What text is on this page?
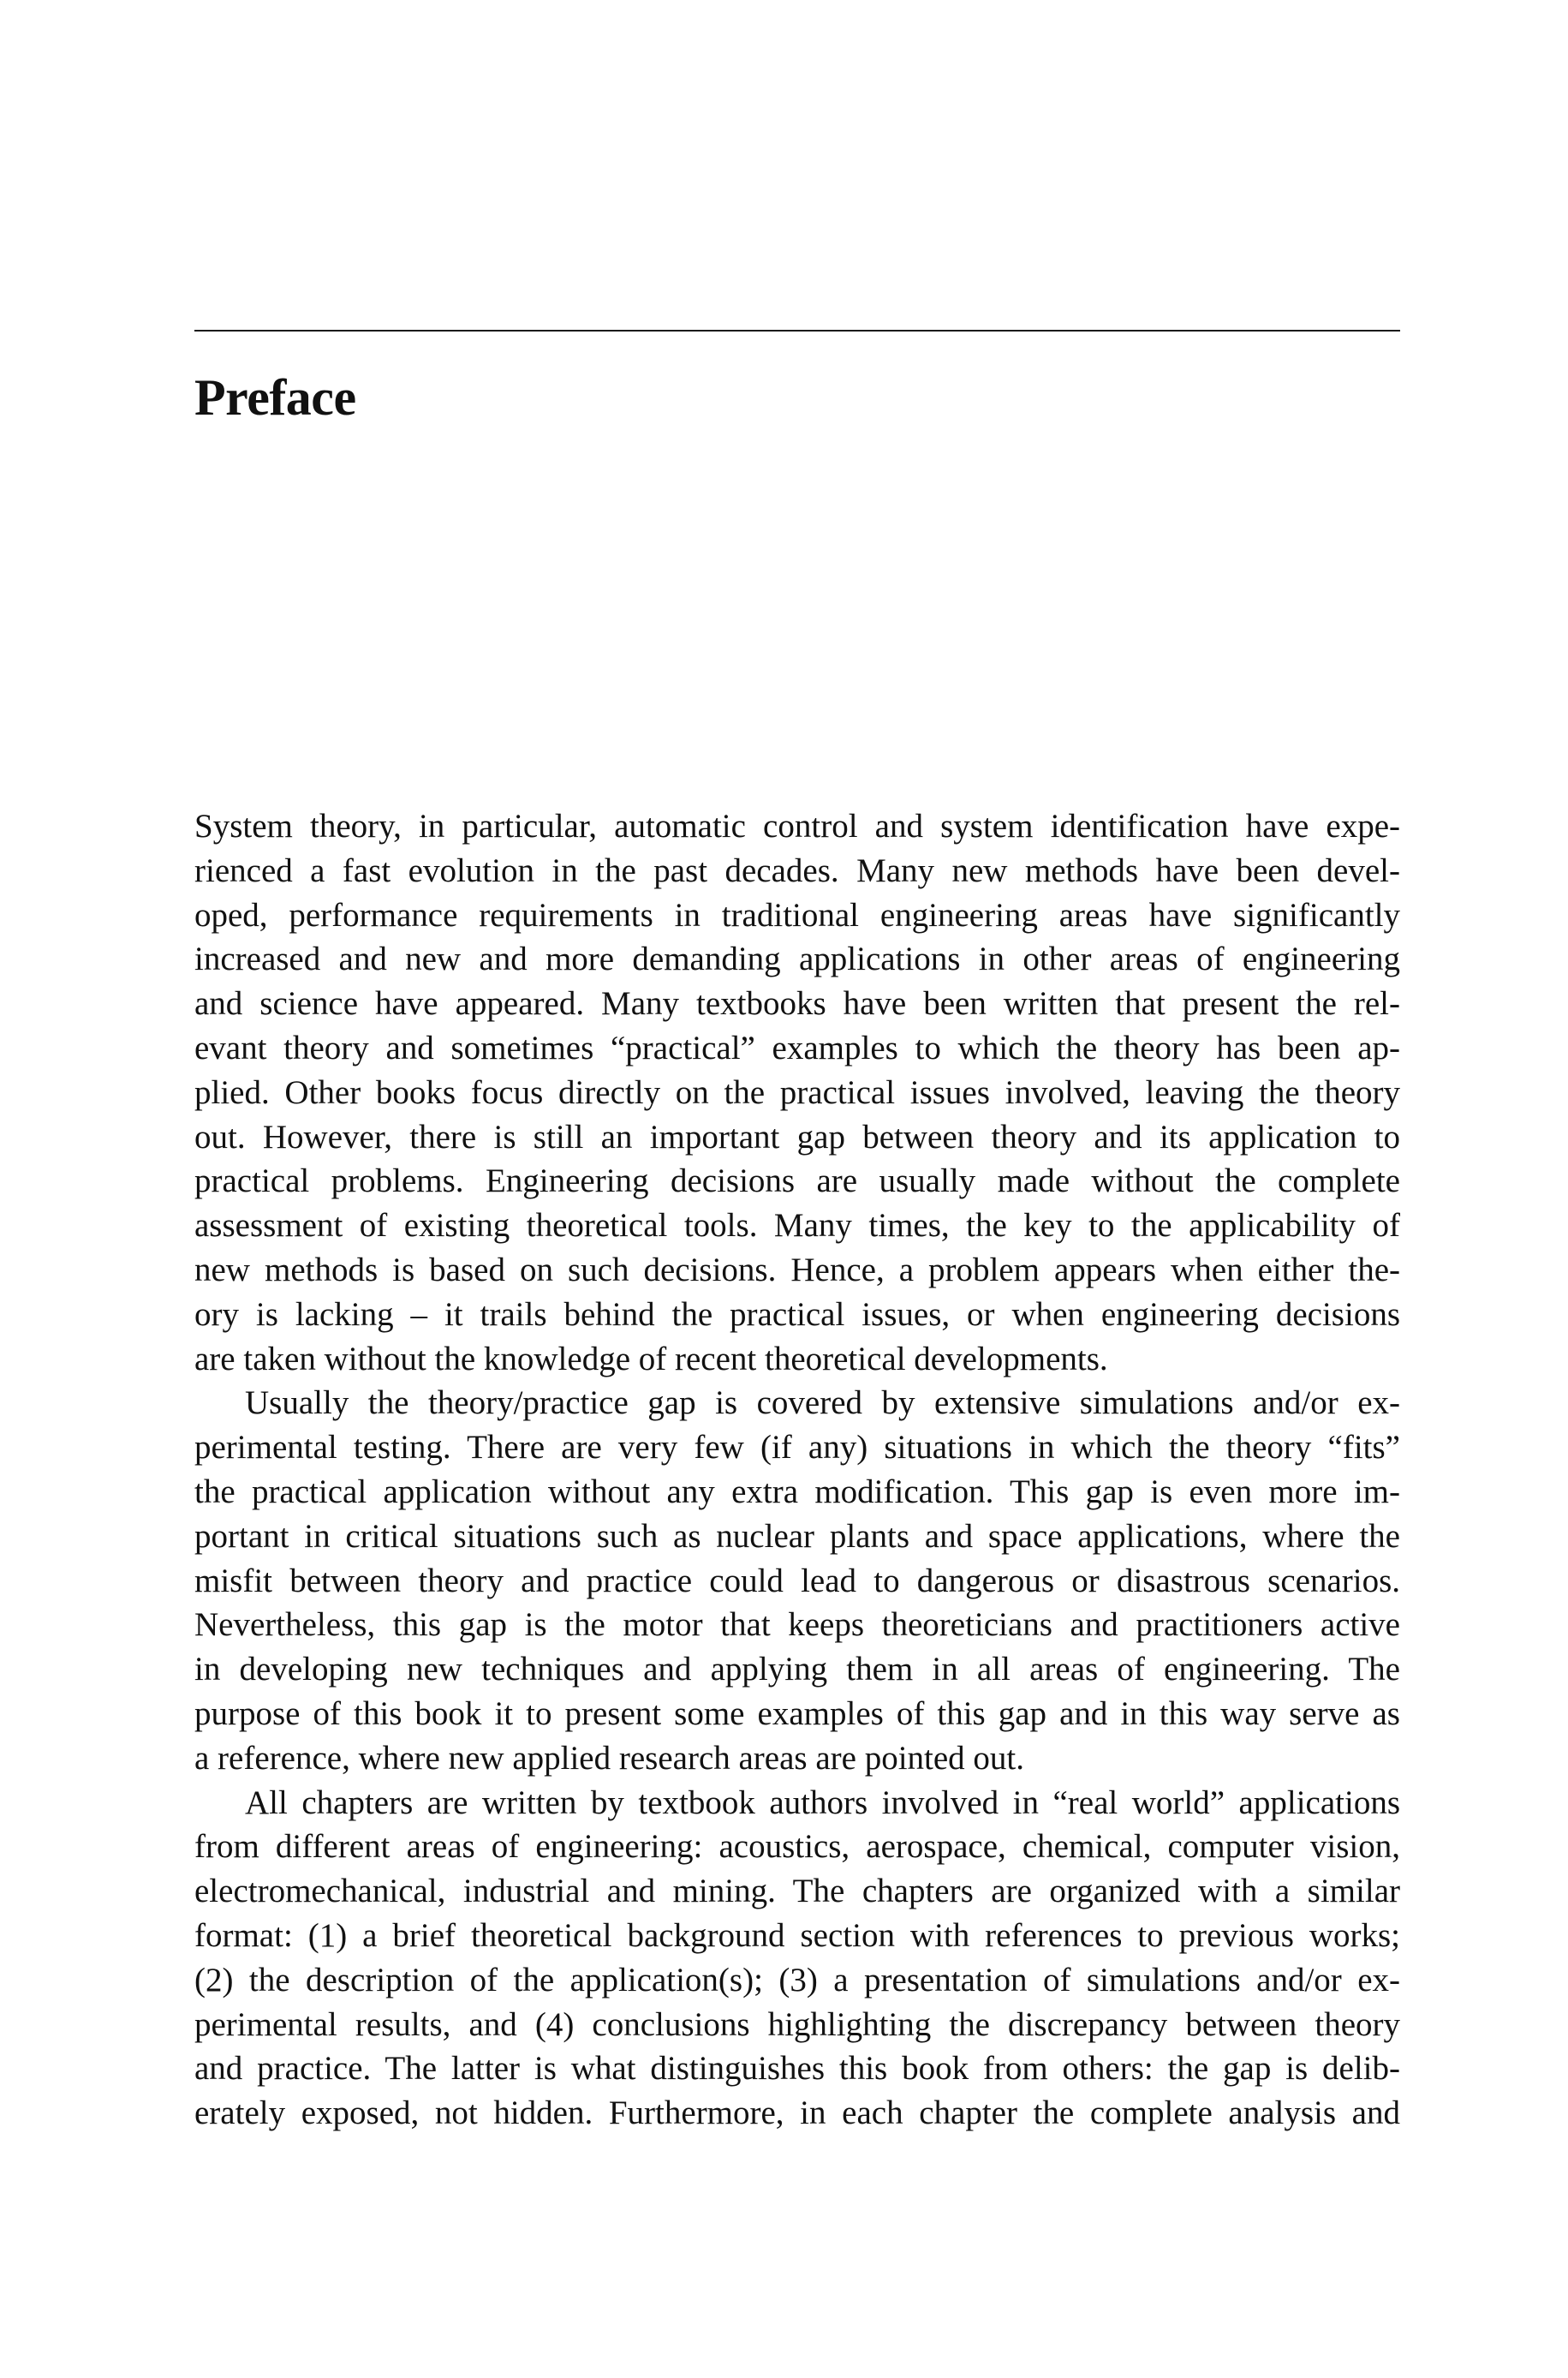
Preface
System theory, in particular, automatic control and system identification have expe-
rienced a fast evolution in the past decades. Many new methods have been devel-
oped, performance requirements in traditional engineering areas have significantly
increased and new and more demanding applications in other areas of engineering
and science have appeared. Many textbooks have been written that present the rel-
evant theory and sometimes “practical” examples to which the theory has been ap-
plied. Other books focus directly on the practical issues involved, leaving the theory
out. However, there is still an important gap between theory and its application to
practical problems. Engineering decisions are usually made without the complete
assessment of existing theoretical tools. Many times, the key to the applicability of
new methods is based on such decisions. Hence, a problem appears when either the-
ory is lacking – it trails behind the practical issues, or when engineering decisions
are taken without the knowledge of recent theoretical developments.
Usually the theory/practice gap is covered by extensive simulations and/or ex-
perimental testing. There are very few (if any) situations in which the theory “fits”
the practical application without any extra modification. This gap is even more im-
portant in critical situations such as nuclear plants and space applications, where the
misfit between theory and practice could lead to dangerous or disastrous scenarios.
Nevertheless, this gap is the motor that keeps theoreticians and practitioners active
in developing new techniques and applying them in all areas of engineering. The
purpose of this book it to present some examples of this gap and in this way serve as
a reference, where new applied research areas are pointed out.
All chapters are written by textbook authors involved in “real world” applications
from different areas of engineering: acoustics, aerospace, chemical, computer vision,
electromechanical, industrial and mining. The chapters are organized with a similar
format: (1) a brief theoretical background section with references to previous works;
(2) the description of the application(s); (3) a presentation of simulations and/or ex-
perimental results, and (4) conclusions highlighting the discrepancy between theory
and practice. The latter is what distinguishes this book from others: the gap is delib-
erately exposed, not hidden. Furthermore, in each chapter the complete analysis and
